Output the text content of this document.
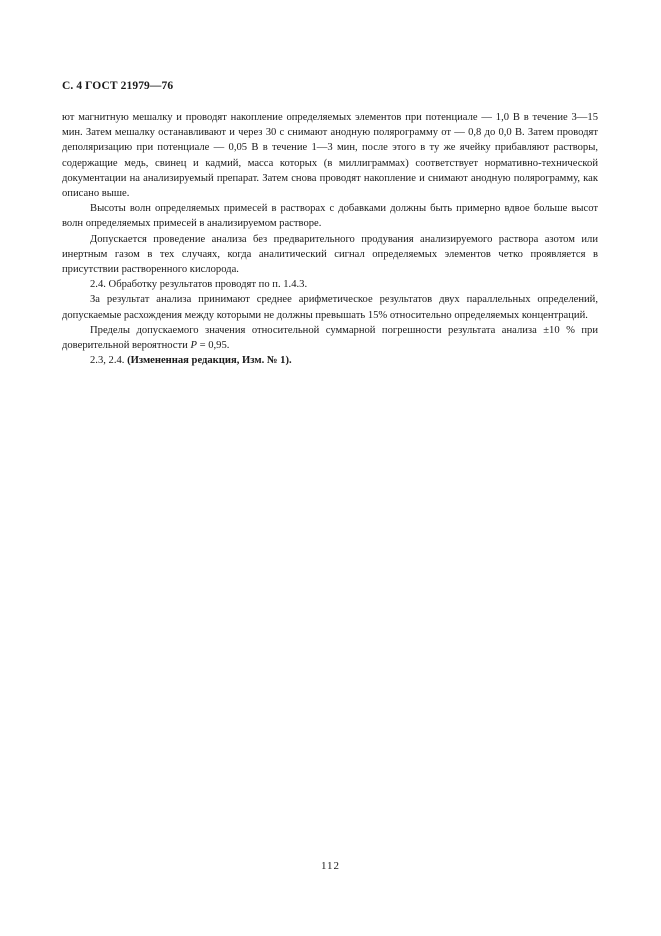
С. 4 ГОСТ 21979—76

ют магнитную мешалку и проводят накопление определяемых элементов при потенциале — 1,0 В в течение 3—15 мин. Затем мешалку останавливают и через 30 с снимают анодную полярограмму от — 0,8 до 0,0 В. Затем проводят деполяризацию при потенциале — 0,05 В в течение 1—3 мин, после этого в ту же ячейку прибавляют растворы, содержащие медь, свинец и кадмий, масса которых (в миллиграммах) соответствует нормативно-технической документации на анализируемый препарат. Затем снова проводят накопление и снимают анодную полярограмму, как описано выше.

Высоты волн определяемых примесей в растворах с добавками должны быть примерно вдвое больше высот волн определяемых примесей в анализируемом растворе.

Допускается проведение анализа без предварительного продувания анализируемого раствора азотом или инертным газом в тех случаях, когда аналитический сигнал определяемых элементов четко проявляется в присутствии растворенного кислорода.

2.4. Обработку результатов проводят по п. 1.4.3.

За результат анализа принимают среднее арифметическое результатов двух параллельных определений, допускаемые расхождения между которыми не должны превышать 15% относительно определяемых концентраций.

Пределы допускаемого значения относительной суммарной погрешности результата анализа ±10 % при доверительной вероятности P = 0,95.

2.3, 2.4. (Измененная редакция, Изм. № 1).

112
